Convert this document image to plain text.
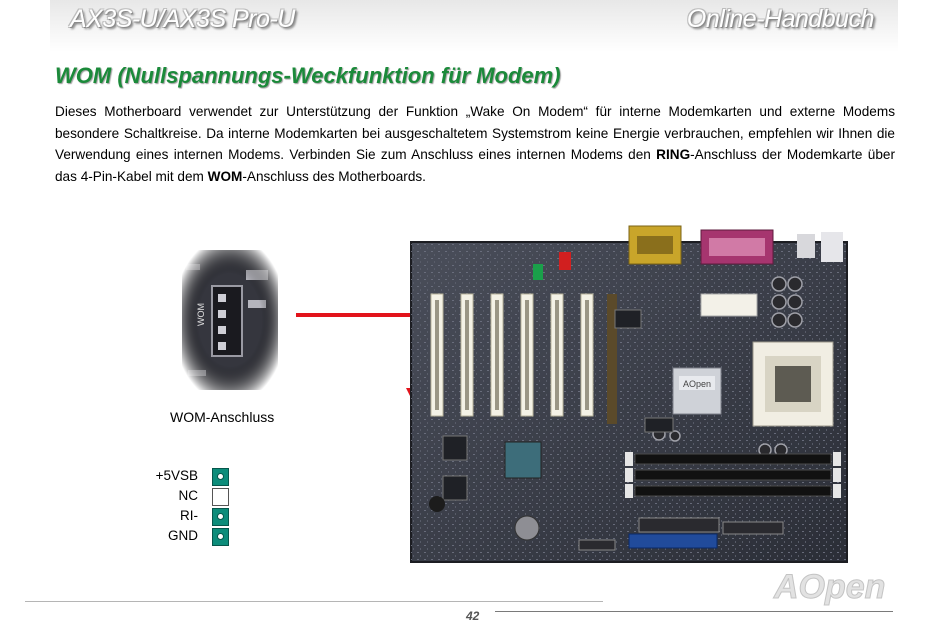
AX3S-U/AX3S Pro-U	Online-Handbuch
WOM (Nullspannungs-Weckfunktion für Modem)

Dieses Motherboard verwendet zur Unterstützung der Funktion „Wake On Modem“ für interne Modemkarten und externe Modems besondere Schaltkreise. Da interne Modemkarten bei ausgeschaltetem Systemstrom keine Energie verbrauchen, empfehlen wir Ihnen die Verwendung eines internen Modems. Verbinden Sie zum Anschluss eines internen Modems den RING-Anschluss der Modemkarte über das 4-Pin-Kabel mit dem WOM-Anschluss des Motherboards.

WOM-Anschluss
+5VSB
NC
RI-
GND
AOpen
AOpen
42
